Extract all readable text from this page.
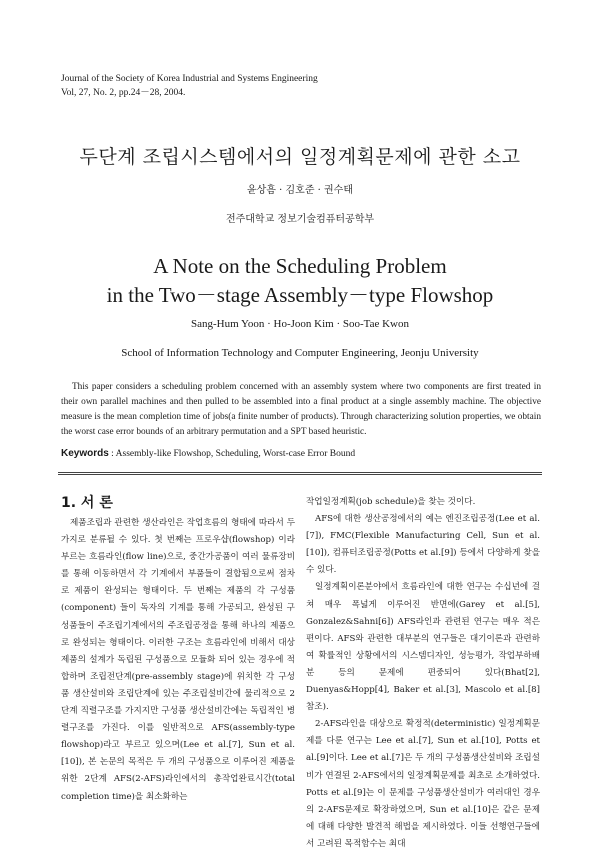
Journal of the Society of Korea Industrial and Systems Engineering
Vol, 27, No. 2, pp.24－28, 2004.
두단계 조립시스템에서의 일정계획문제에 관한 소고
윤상흠 · 김호준 · 권수태
전주대학교 정보기술컴퓨터공학부
A Note on the Scheduling Problem
in the Two－stage Assembly－type Flowshop
Sang-Hum Yoon · Ho-Joon Kim · Soo-Tae Kwon
School of Information Technology and Computer Engineering, Jeonju University

This paper considers a scheduling problem concerned with an assembly system where two components are first treated in their own parallel machines and then pulled to be assembled into a final product at a single assembly machine. The objective measure is the mean completion time of jobs(a finite number of products). Through characterizing solution properties, we obtain the worst case error bounds of an arbitrary permutation and a SPT based heuristic.

Keywords : Assembly-like Flowshop, Scheduling, Worst-case Error Bound
1. 서 론

제품조립과 관련한 생산라인은 작업흐름의 형태에 따라서 두가지로 분류될 수 있다. 첫 번째는 프로우샵(flowshop) 이라 부르는 흐름라인(flow line)으로, 중간가공품이 여러 물류장비를 통해 이동하면서 각 기계에서 부품들이 결합됨으로써 점차로 제품이 완성되는 형태이다. 두 번째는 제품의 각 구성품(component) 들이 독자의 기계를 통해 가공되고, 완성된 구성품들이 주조립기계에서의 주조립공정을 통해 하나의 제품으로 완성되는 형태이다. 이러한 구조는 흐름라인에 비해서 대상 제품의 설계가 독립된 구성품으로 모듈화 되어 있는 경우에 적합하며 조립전단계(pre-assembly stage)에 위치한 각 구성품 생산설비와 조립단계에 있는 주조립설비간에 물리적으로 2단계 직렬구조를 가지지만 구성품 생산설비간에는 독립적인 병렬구조를 가진다. 이를 일반적으로 AFS(assembly-type flowshop)라고 부르고 있으며(Lee et al.[7], Sun et al.[10]), 본 논문의 목적은 두 개의 구성품으로 이루어진 제품을 위한 2단계 AFS(2-AFS)라인에서의 총작업완료시간(total completion time)을 최소화하는

작업일정계획(job schedule)을 찾는 것이다.

AFS에 대한 생산공정에서의 예는 엔진조립공정(Lee et al.[7]), FMC(Flexible Manufacturing Cell, Sun et al.[10]), 컴퓨터조립공정(Potts et al.[9]) 등에서 다양하게 찾을 수 있다.

일정계획이론분야에서 흐름라인에 대한 연구는 수십년에 걸쳐 매우 폭넓게 이루어진 반면에(Garey et al.[5], Gonzalez&Sahni[6]) AFS라인과 관련된 연구는 매우 적은 편이다. AFS와 관련한 대부분의 연구들은 대기이론과 관련하여 확률적인 상황에서의 시스템디자인, 성능평가, 작업부하배분 등의 문제에 편중되어 있다(Bhat[2], Duenyas&Hopp[4], Baker et al.[3], Mascolo et al.[8] 참조).

2-AFS라인을 대상으로 확정적(deterministic) 일정계획문제를 다룬 연구는 Lee et al.[7], Sun et al.[10], Potts et al.[9]이다. Lee et al.[7]은 두 개의 구성품생산설비와 조립설비가 연결된 2-AFS에서의 일정계획문제를 최초로 소개하였다. Potts et al.[9]는 이 문제를 구성품생산설비가 여러대인 경우의 2-AFS문제로 확장하였으며, Sun et al.[10]은 같은 문제에 대해 다양한 발견적 해법을 제시하였다. 이들 선행연구들에서 고려된 목적함수는 최대
